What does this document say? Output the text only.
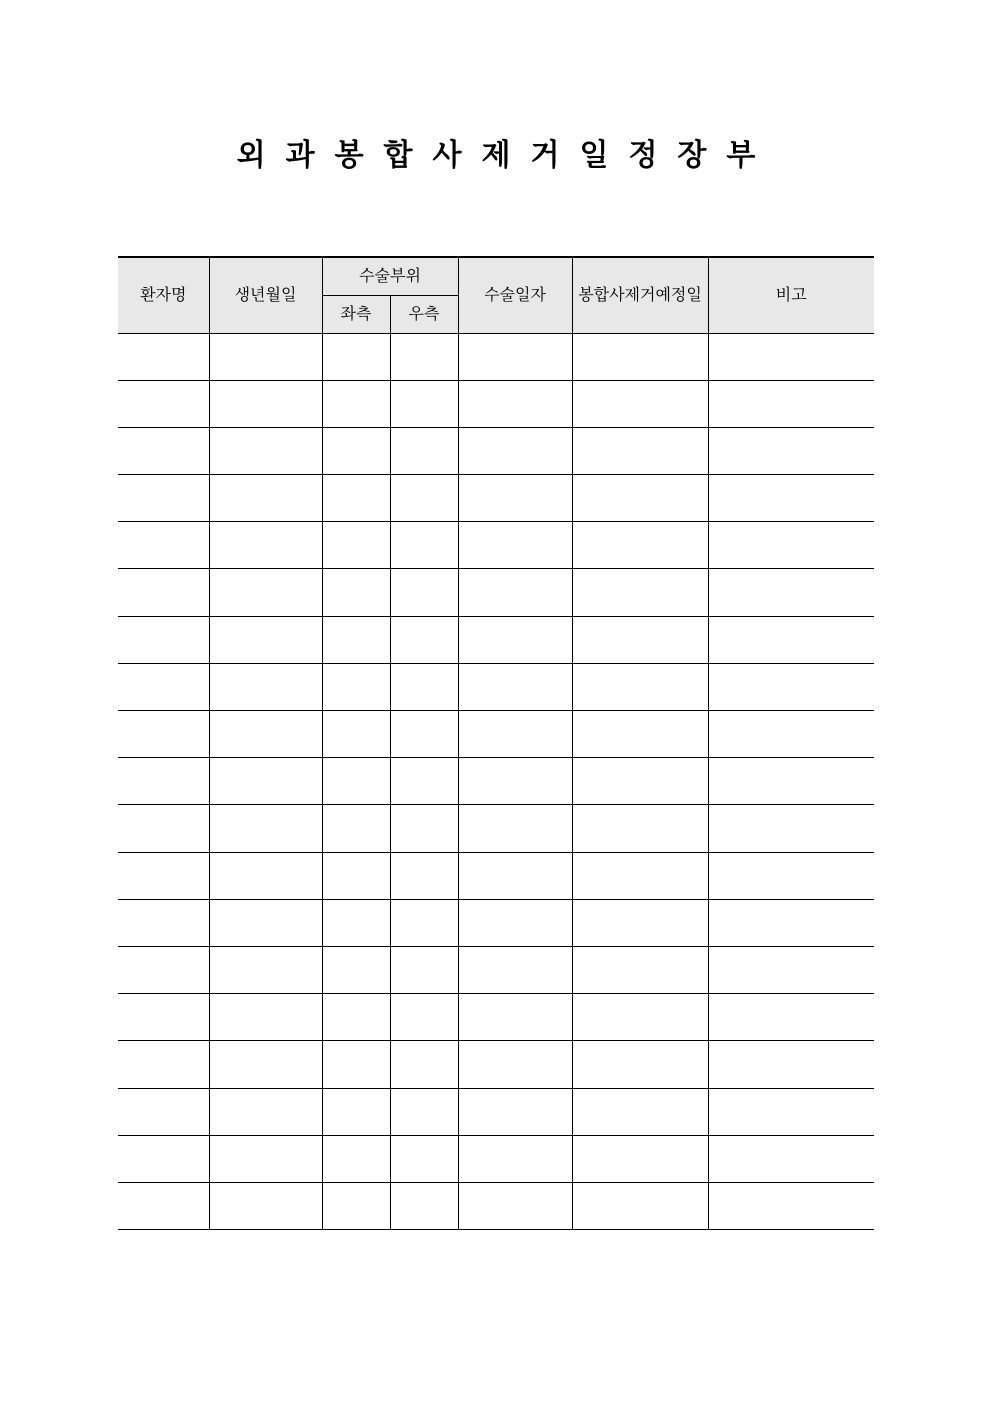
외과봉합사제거일정장부
환자명	생년월일	수술부위		수술일자	봉합사제거예정일	비고
		좌측	우측			
